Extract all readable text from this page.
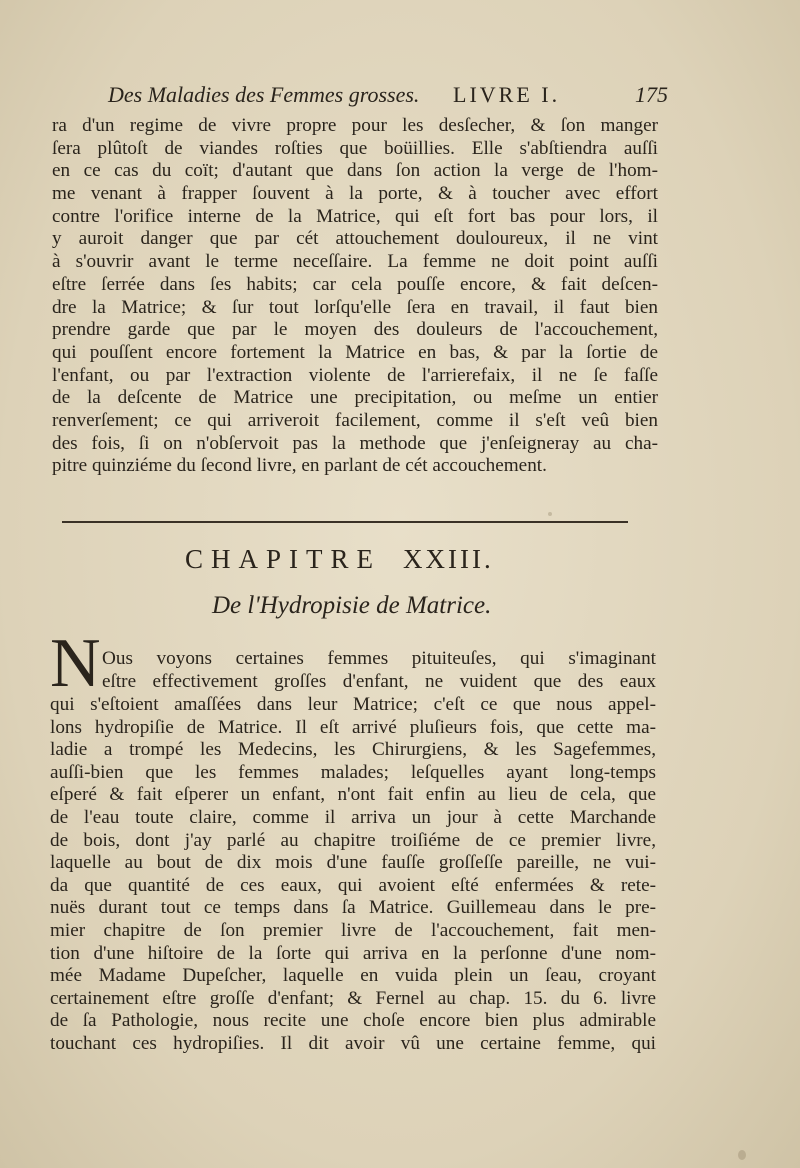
Des Maladies des Femmes grosses. LIVRE I.	175
ra d'un regime de vivre propre pour les desſecher, & ſon manger
ſera plûtoſt de viandes roſties que boüillies. Elle s'abſtiendra auſſi
en ce cas du coït; d'autant que dans ſon action la verge de l'hom-
me venant à frapper ſouvent à la porte, & à toucher avec effort
contre l'orifice interne de la Matrice, qui eſt fort bas pour lors, il
y auroit danger que par cét attouchement douloureux, il ne vint
à s'ouvrir avant le terme neceſſaire. La femme ne doit point auſſi
eſtre ſerrée dans ſes habits; car cela pouſſe encore, & fait deſcen-
dre la Matrice; & ſur tout lorſqu'elle ſera en travail, il faut bien
prendre garde que par le moyen des douleurs de l'accouchement,
qui pouſſent encore fortement la Matrice en bas, & par la ſortie de
l'enfant, ou par l'extraction violente de l'arrierefaix, il ne ſe faſſe
de la deſcente de Matrice une precipitation, ou meſme un entier
renverſement; ce qui arriveroit facilement, comme il s'eſt veû bien
des fois, ſi on n'obſervoit pas la methode que j'enſeigneray au cha-
pitre quinziéme du ſecond livre, en parlant de cét accouchement.
CHAPITRE XXIII.
De l'Hydropisie de Matrice.
N Ous voyons certaines femmes pituiteuſes, qui s'imaginant
eſtre effectivement groſſes d'enfant, ne vuident que des eaux
qui s'eſtoient amaſſées dans leur Matrice; c'eſt ce que nous appel-
lons hydropiſie de Matrice. Il eſt arrivé pluſieurs fois, que cette ma-
ladie a trompé les Medecins, les Chirurgiens, & les Sagefemmes,
auſſi-bien que les femmes malades; leſquelles ayant long-temps
eſperé & fait eſperer un enfant, n'ont fait enfin au lieu de cela, que
de l'eau toute claire, comme il arriva un jour à cette Marchande
de bois, dont j'ay parlé au chapitre troiſiéme de ce premier livre,
laquelle au bout de dix mois d'une fauſſe groſſeſſe pareille, ne vui-
da que quantité de ces eaux, qui avoient eſté enfermées & rete-
nuës durant tout ce temps dans ſa Matrice. Guillemeau dans le pre-
mier chapitre de ſon premier livre de l'accouchement, fait men-
tion d'une hiſtoire de la ſorte qui arriva en la perſonne d'une nom-
mée Madame Dupeſcher, laquelle en vuida plein un ſeau, croyant
certainement eſtre groſſe d'enfant; & Fernel au chap. 15. du 6. livre
de ſa Pathologie, nous recite une choſe encore bien plus admirable
touchant ces hydropiſies. Il dit avoir vû une certaine femme, qui
